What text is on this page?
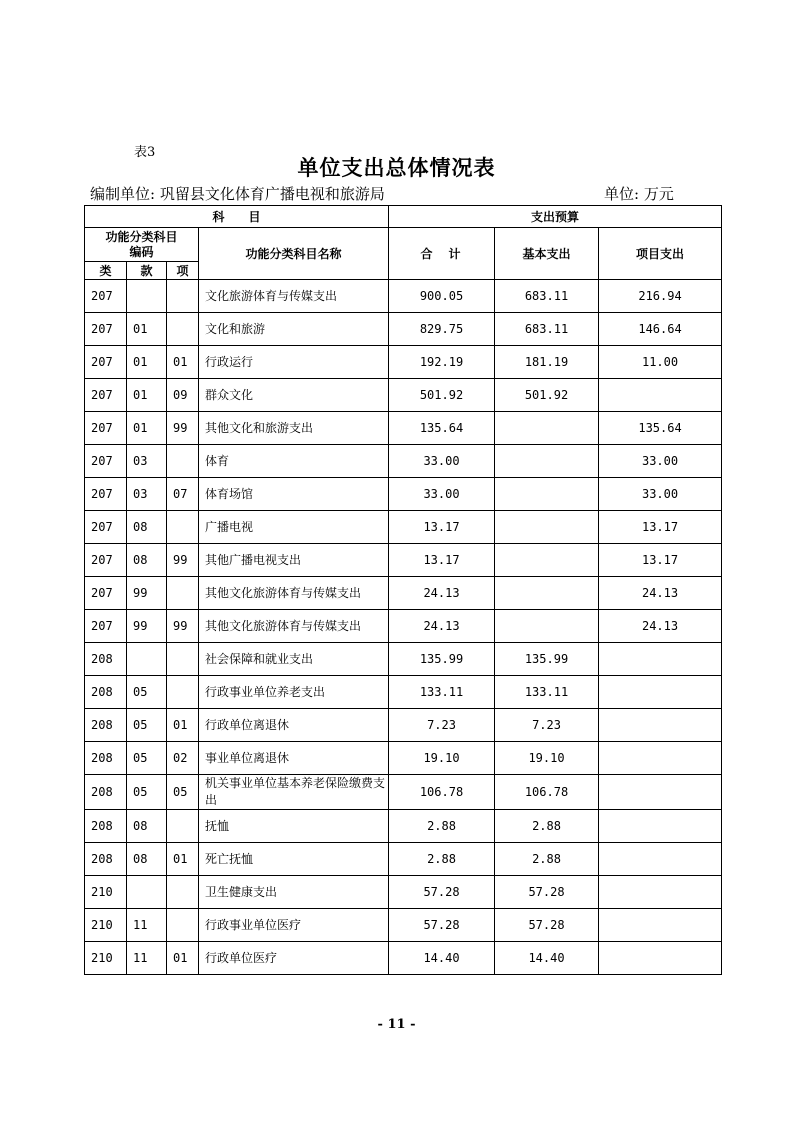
表3
单位支出总体情况表
编制单位: 巩留县文化体育广播电视和旅游局	单位: 万元
科　　目				支出预算		
功能分类科目编码			功能分类科目名称	合　计	基本支出	项目支出
类	款	项				
207			文化旅游体育与传媒支出	900.05	683.11	216.94
207	01		文化和旅游	829.75	683.11	146.64
207	01	01	行政运行	192.19	181.19	11.00
207	01	09	群众文化	501.92	501.92	
207	01	99	其他文化和旅游支出	135.64		135.64
207	03		体育	33.00		33.00
207	03	07	体育场馆	33.00		33.00
207	08		广播电视	13.17		13.17
207	08	99	其他广播电视支出	13.17		13.17
207	99		其他文化旅游体育与传媒支出	24.13		24.13
207	99	99	其他文化旅游体育与传媒支出	24.13		24.13
208			社会保障和就业支出	135.99	135.99	
208	05		行政事业单位养老支出	133.11	133.11	
208	05	01	行政单位离退休	7.23	7.23	
208	05	02	事业单位离退休	19.10	19.10	
208	05	05	机关事业单位基本养老保险缴费支出	106.78	106.78	
208	08		抚恤	2.88	2.88	
208	08	01	死亡抚恤	2.88	2.88	
210			卫生健康支出	57.28	57.28	
210	11		行政事业单位医疗	57.28	57.28	
210	11	01	行政单位医疗	14.40	14.40	
- 11 -
